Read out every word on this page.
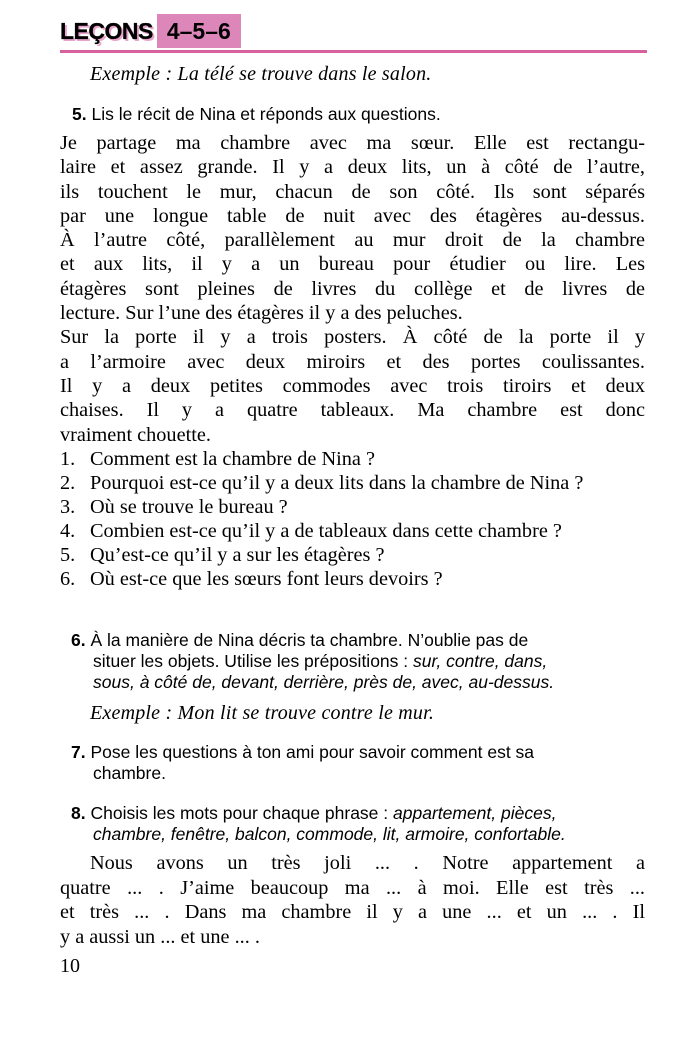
LEÇONS 4–5–6
Exemple : La télé se trouve dans le salon.
5. Lis le récit de Nina et réponds aux questions.
Je partage ma chambre avec ma sœur. Elle est rectangu-
laire et assez grande. Il y a deux lits, un à côté de l’autre,
ils touchent le mur, chacun de son côté. Ils sont séparés
par une longue table de nuit avec des étagères au-dessus.
À l’autre côté, parallèlement au mur droit de la chambre
et aux lits, il y a un bureau pour étudier ou lire. Les
étagères sont pleines de livres du collège et de livres de
lecture. Sur l’une des étagères il y a des peluches.
Sur la porte il y a trois posters. À côté de la porte il y
a l’armoire avec deux miroirs et des portes coulissantes.
Il y a deux petites commodes avec trois tiroirs et deux
chaises. Il y a quatre tableaux. Ma chambre est donc
vraiment chouette.
1. Comment est la chambre de Nina ?
2. Pourquoi est-ce qu’il y a deux lits dans la chambre de Nina ?
3. Où se trouve le bureau ?
4. Combien est-ce qu’il y a de tableaux dans cette chambre ?
5. Qu’est-ce qu’il y a sur les étagères ?
6. Où est-ce que les sœurs font leurs devoirs ?
6. À la manière de Nina décris ta chambre. N’oublie pas de
situer les objets. Utilise les prépositions : sur, contre, dans,
sous, à côté de, devant, derrière, près de, avec, au-dessus.
Exemple : Mon lit se trouve contre le mur.
7. Pose les questions à ton ami pour savoir comment est sa
chambre.
8. Choisis les mots pour chaque phrase : appartement, pièces,
chambre, fenêtre, balcon, commode, lit, armoire, confortable.
Nous avons un très joli ... . Notre appartement a
quatre ... . J’aime beaucoup ma ... à moi. Elle est très ...
et très ... . Dans ma chambre il y a une ... et un ... . Il
y a aussi un ... et une ... .
10
